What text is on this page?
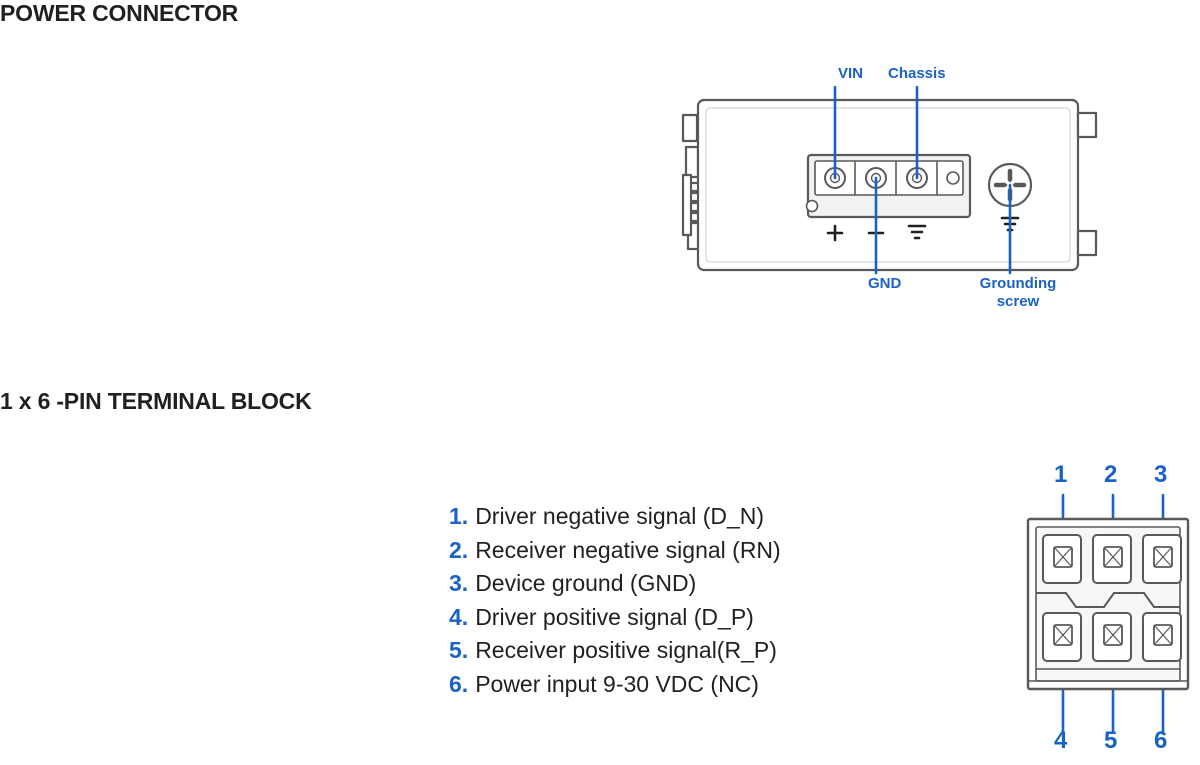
POWER CONNECTOR
VIN Chassis
GND	Grounding
screw
1 x 6 -PIN TERMINAL BLOCK
1. Driver negative signal (D_N)
2. Receiver negative signal (RN)
3. Device ground (GND)
4. Driver positive signal (D_P)
5. Receiver positive signal(R_P)
6. Power input 9-30 VDC (NC)
1 2 3
4 5 6
